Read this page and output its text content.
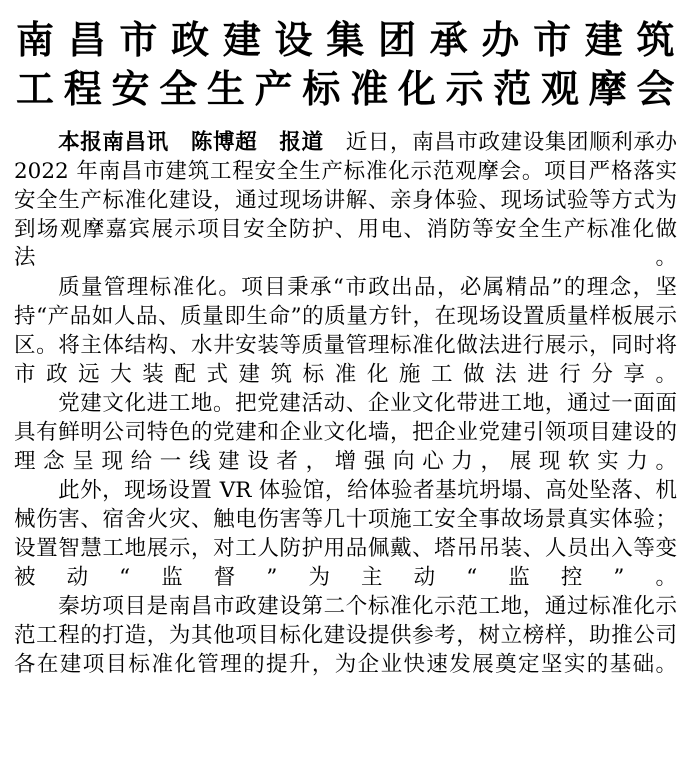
南昌市政建设集团承办市建筑
工程安全生产标准化示范观摩会

本报南昌讯 陈博超 报道 近日，南昌市政建设集团顺利承办 2022 年南昌市建筑工程安全生产标准化示范观摩会。项目严格落实安全生产标准化建设，通过现场讲解、亲身体验、现场试验等方式为到场观摩嘉宾展示项目安全防护、用电、消防等安全生产标准化做法。

质量管理标准化。项目秉承“市政出品，必属精品”的理念，坚持“产品如人品、质量即生命”的质量方针，在现场设置质量样板展示区。将主体结构、水井安装等质量管理标准化做法进行展示，同时将市政远大装配式建筑标准化施工做法进行分享。

党建文化进工地。把党建活动、企业文化带进工地，通过一面面具有鲜明公司特色的党建和企业文化墙，把企业党建引领项目建设的理念呈现给一线建设者，增强向心力，展现软实力。

此外，现场设置 VR 体验馆，给体验者基坑坍塌、高处坠落、机械伤害、宿舍火灾、触电伤害等几十项施工安全事故场景真实体验；设置智慧工地展示，对工人防护用品佩戴、塔吊吊装、人员出入等变被动“监督”为主动“监控”。

秦坊项目是南昌市政建设第二个标准化示范工地，通过标准化示范工程的打造，为其他项目标化建设提供参考，树立榜样，助推公司各在建项目标准化管理的提升，为企业快速发展奠定坚实的基础。
